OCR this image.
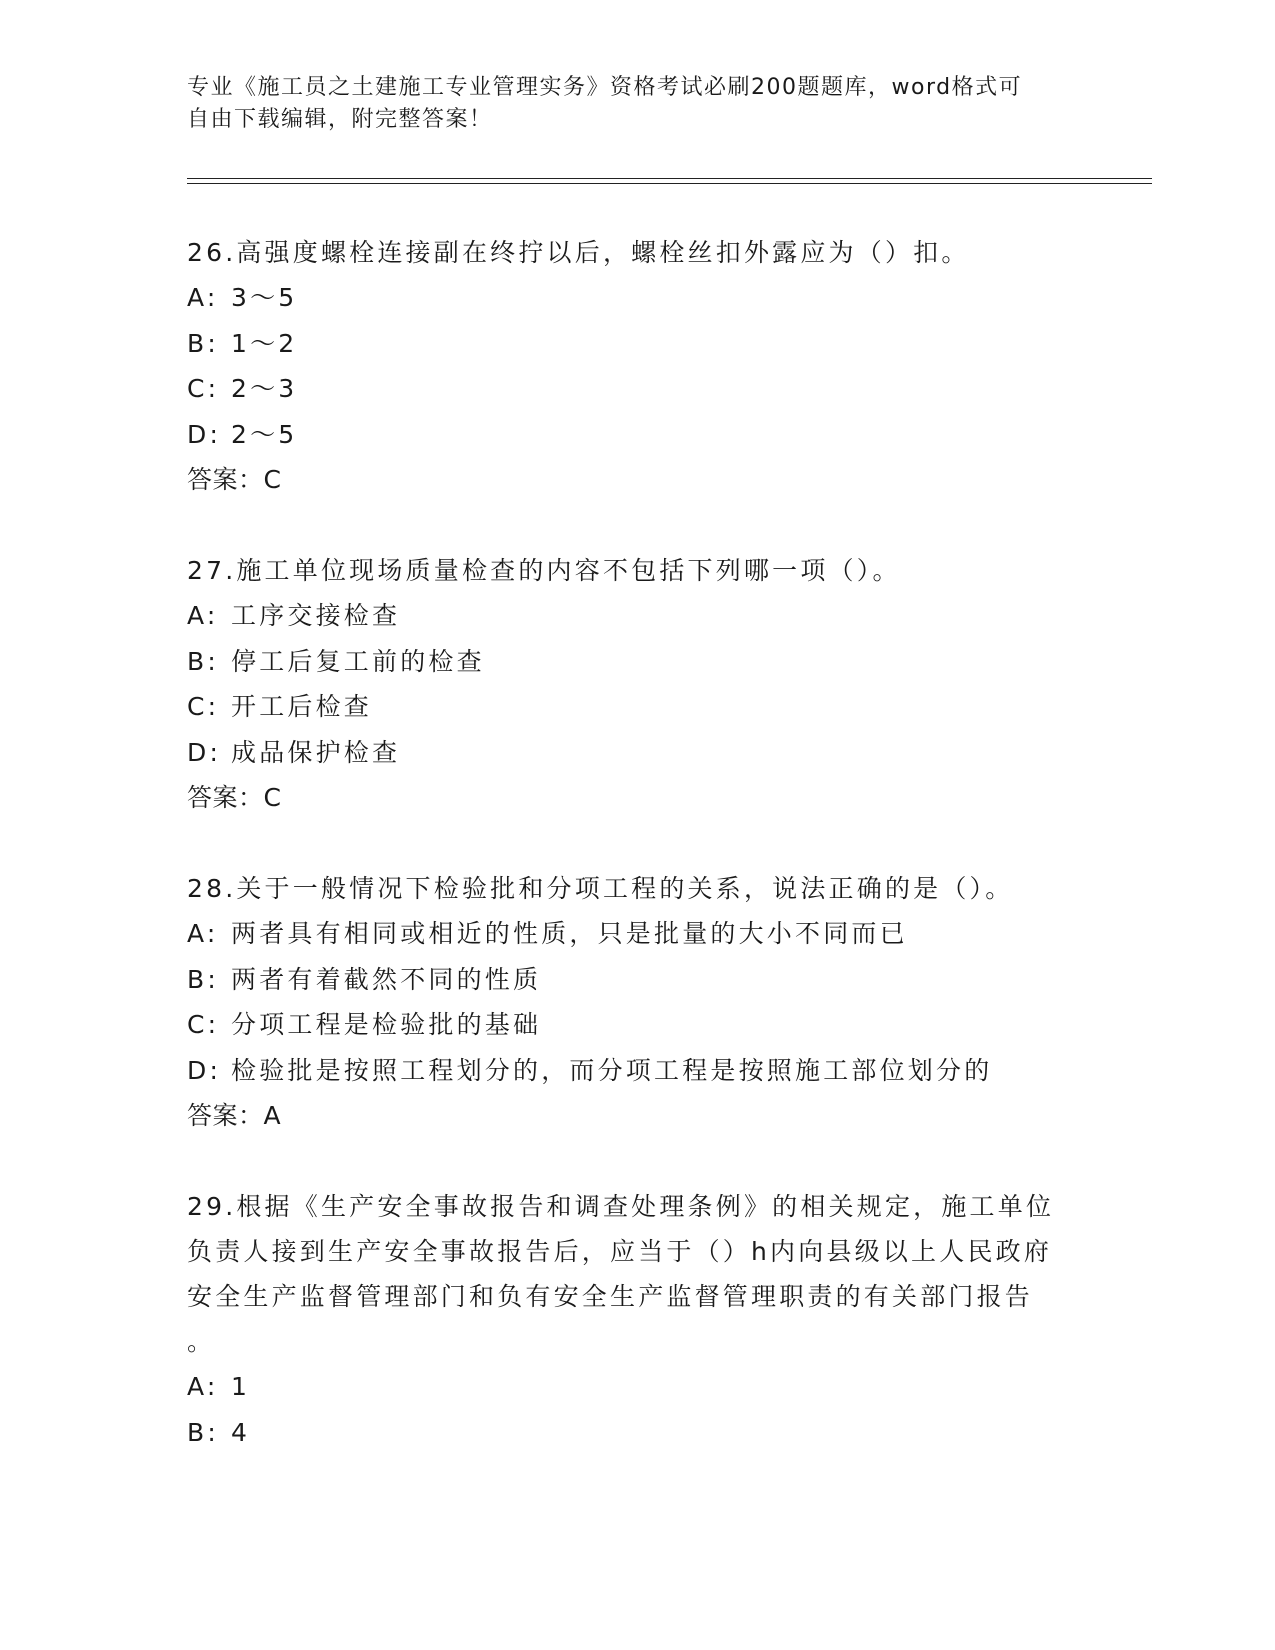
专业《施工员之土建施工专业管理实务》资格考试必刷200题题库，word格式可
自由下载编辑，附完整答案！

26.高强度螺栓连接副在终拧以后，螺栓丝扣外露应为（）扣。

A: 3～5

B: 1～2

C: 2～3

D: 2～5

答案：C

27.施工单位现场质量检查的内容不包括下列哪一项（）。

A: 工序交接检查

B: 停工后复工前的检查

C: 开工后检查

D: 成品保护检查

答案：C

28.关于一般情况下检验批和分项工程的关系，说法正确的是（）。

A: 两者具有相同或相近的性质，只是批量的大小不同而已

B: 两者有着截然不同的性质

C: 分项工程是检验批的基础

D: 检验批是按照工程划分的，而分项工程是按照施工部位划分的

答案：A

29.根据《生产安全事故报告和调查处理条例》的相关规定，施工单位

负责人接到生产安全事故报告后，应当于（）h内向县级以上人民政府

安全生产监督管理部门和负有安全生产监督管理职责的有关部门报告

。

A: 1

B: 4
